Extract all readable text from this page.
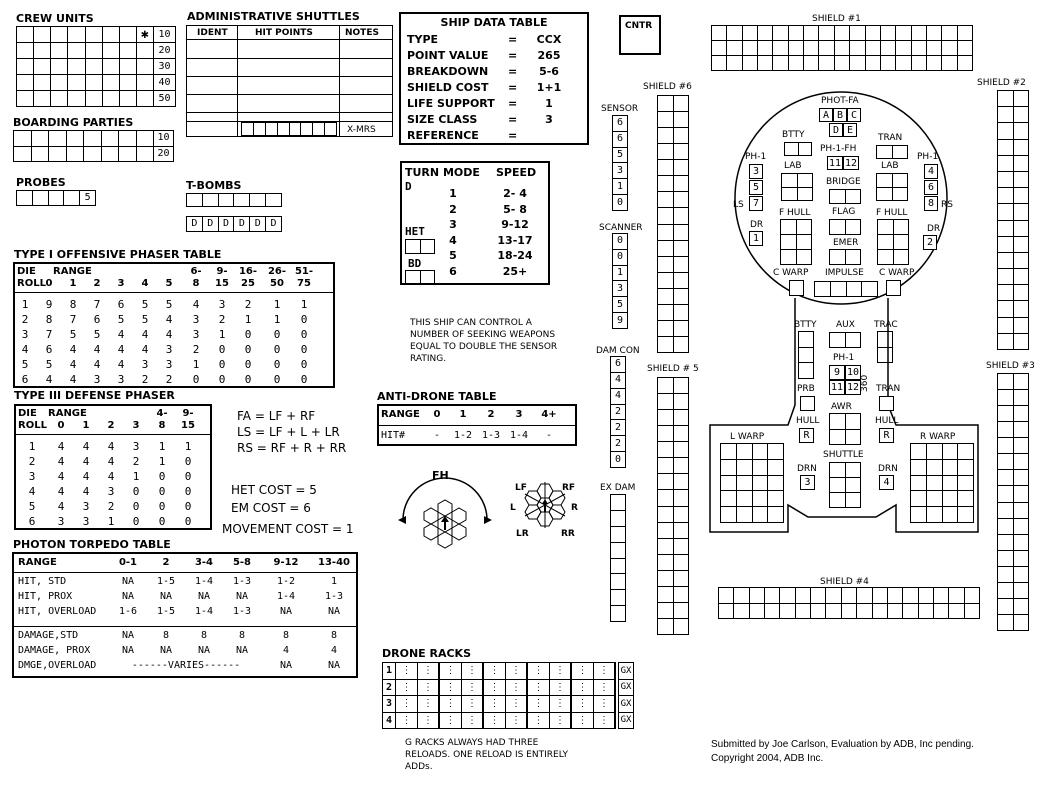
CREW UNITS
✱ 10
20
30
40
50
BOARDING PARTIES
10
20
PROBES
5
ADMINISTRATIVE SHUTTLES
IDENT	HIT POINTS	NOTES
X-MRS
T-BOMBS
D D D D D D
SHIP DATA TABLE
TYPE	=	CCX
POINT VALUE =	265
BREAKDOWN =	5-6
SHIELD COST =	1+1
LIFE SUPPORT =	1
SIZE CLASS	=	3
REFERENCE	=
CNTR
TURN MODE SPEED
D
1	2- 4
2	5- 8
3	9-12
4	13-17
5	18-24
6	25+
HET
BD
TYPE I OFFENSIVE PHASER TABLE
DIE	RANGE	6-	9-	16- 26- 51-
ROLL 0	1	2	3	4	5	8	15	25	50	75
1	9	8	7	6	5	5	4	3	2	1	1
2	8	7	6	5	5	4	3	2	1	1	0
3	7	5	5	4	4	4	3	1	0	0	0
4	6	4	4	4	4	3	2	0	0	0	0
5	5	4	4	4	3	3	1	0	0	0	0
6	4	4	3	3	2	2	0	0	0	0	0
TYPE III DEFENSE PHASER
DIE	RANGE	4-	9-
ROLL	0	1	2	3	8	15
1	4	4	4	3	1	1
2	4	4	4	2	1	0
3	4	4	4	1	0	0
4	4	4	3	0	0	0
5	4	3	2	0	0	0
6	3	3	1	0	0	0
FA = LF + RF
LS = LF + L + LR
RS = RF + R + RR
HET COST = 5
EM COST = 6
MOVEMENT COST = 1
THIS SHIP CAN CONTROL A NUMBER OF SEEKING WEAPONS EQUAL TO DOUBLE THE SENSOR RATING.
ANTI-DRONE TABLE
RANGE	0	1	2	3	4+
HIT#	-	1-2 1-3 1-4	-
FH
LF	RF
L	R
LR	RR
PHOTON TORPEDO TABLE
RANGE	0-1	2	3-4	5-8	9-12	13-40
HIT, STD	NA	1-5	1-4	1-3	1-2	1
HIT, PROX	NA	NA	NA	NA	1-4	1-3
HIT, OVERLOAD	1-6	1-5	1-4	1-3	NA	NA
DAMAGE,STD	NA	8	8	8	8	8
DAMAGE, PROX	NA	NA	NA	NA	4	4
DMGE,OVERLOAD	------VARIES------	NA	NA
DRONE RACKS
1 ⋮	⋮	⋮	⋮	⋮	⋮	⋮	⋮	⋮	⋮	GX
2 ⋮	⋮	⋮	⋮	⋮	⋮	⋮	⋮	⋮	⋮	GX
3 ⋮	⋮	⋮	⋮	⋮	⋮	⋮	⋮	⋮	⋮	GX
4 ⋮	⋮	⋮	⋮	⋮	⋮	⋮	⋮	⋮	⋮	GX
G RACKS ALWAYS HAD THREE RELOADS. ONE RELOAD IS ENTIRELY ADDs.
Submitted by Joe Carlson, Evaluation by ADB, Inc pending.
Copyright 2004, ADB Inc.
SHIELD #1
SHIELD #2
SHIELD #3
SHIELD #4
SHIELD # 5
SHIELD #6
SENSOR
6
6
5
3
1
0
SCANNER
0
0
1
3
5
9
DAM CON
6
4
4
2
2
2
0
EX DAM
PHOT-FA
A B C
D E
BTTY	TRAN
PH-1-FH
11 12
PH-1
3
5
7
LS
PH-1
4
6
8 RS
LAB	LAB
BRIDGE
F HULL	F HULL
FLAG
DR
1
DR
2
EMER
C WARP IMPULSE C WARP
BTTY AUX TRAC
PH-1
9 10
11 12 360
PRB	TRAN
AWR
HULL
R
HULL
R
L WARP	R WARP
SHUTTLE
DRN
3
DRN
4
